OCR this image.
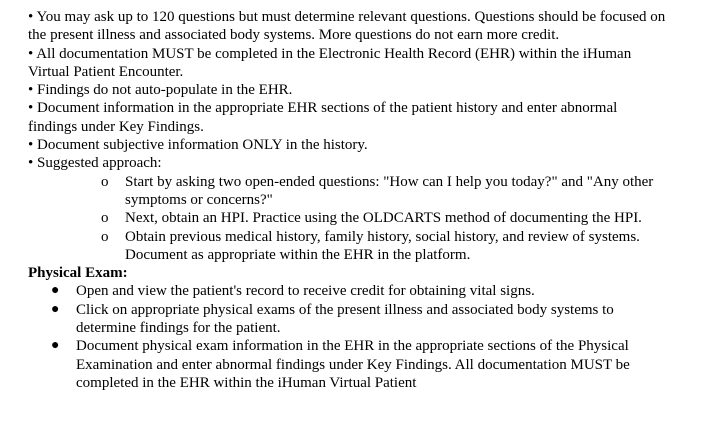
• You may ask up to 120 questions but must determine relevant questions. Questions should be focused on the present illness and associated body systems. More questions do not earn more credit.

• All documentation MUST be completed in the Electronic Health Record (EHR) within the iHuman Virtual Patient Encounter.

• Findings do not auto-populate in the EHR.

• Document information in the appropriate EHR sections of the patient history and enter abnormal findings under Key Findings.

• Document subjective information ONLY in the history.

• Suggested approach:

o Start by asking two open-ended questions: "How can I help you today?" and "Any other symptoms or concerns?"
o Next, obtain an HPI. Practice using the OLDCARTS method of documenting the HPI.
o Obtain previous medical history, family history, social history, and review of systems. Document as appropriate within the EHR in the platform.

Physical Exam:

● Open and view the patient's record to receive credit for obtaining vital signs.
● Click on appropriate physical exams of the present illness and associated body systems to determine findings for the patient.
● Document physical exam information in the EHR in the appropriate sections of the Physical Examination and enter abnormal findings under Key Findings. All documentation MUST be completed in the EHR within the iHuman Virtual Patient
